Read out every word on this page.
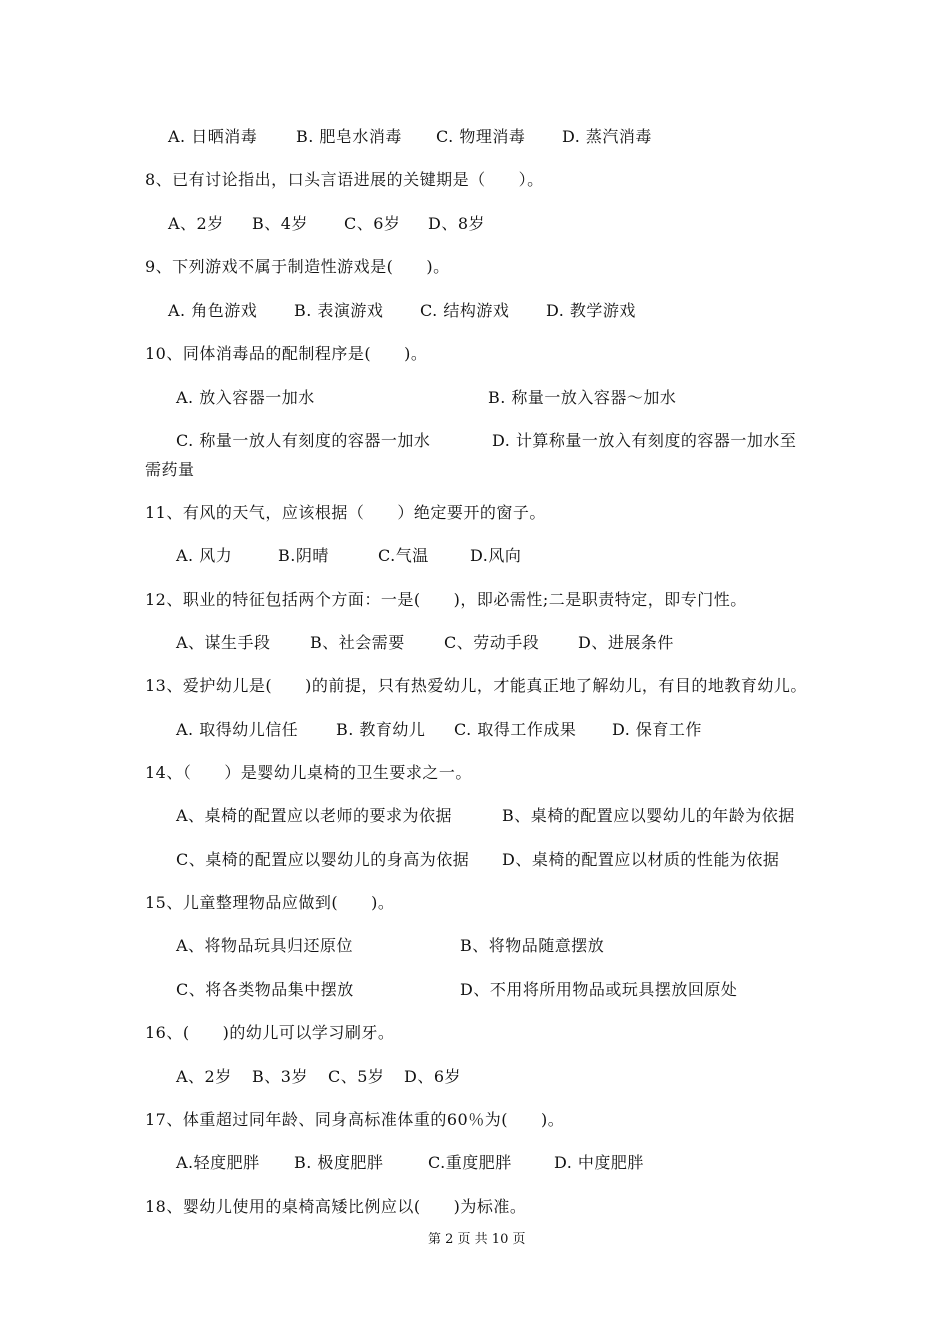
A. 日晒消毒 B. 肥皂水消毒 C. 物理消毒 D. 蒸汽消毒
8、已有讨论指出，口头言语进展的关键期是（　　）。
A、2岁 B、4岁 C、6岁 D、8岁
9、下列游戏不属于制造性游戏是(　　)。
A. 角色游戏 B. 表演游戏 C. 结构游戏 D. 教学游戏
10、同体消毒品的配制程序是(　　)。
A. 放入容器一加水	B. 称量一放入容器～加水
C. 称量一放人有刻度的容器一加水	D. 计算称量一放入有刻度的容器一加水至
需药量
11、有风的天气，应该根据（　　）绝定要开的窗子。
A. 风力	B.阴晴	C.气温	D.风向
12、职业的特征包括两个方面：一是(　　)，即必需性;二是职责特定，即专门性。
A、谋生手段 B、社会需要 C、劳动手段 D、进展条件
13、爱护幼儿是(　　)的前提，只有热爱幼儿，才能真正地了解幼儿，有目的地教育幼儿。
A. 取得幼儿信任 B. 教育幼儿 C. 取得工作成果 D. 保育工作
14、（　　）是婴幼儿桌椅的卫生要求之一。
A、桌椅的配置应以老师的要求为依据	B、桌椅的配置应以婴幼儿的年龄为依据
C、桌椅的配置应以婴幼儿的身高为依据 D、桌椅的配置应以材质的性能为依据
15、儿童整理物品应做到(　　)。
A、将物品玩具归还原位	B、将物品随意摆放
C、将各类物品集中摆放	D、不用将所用物品或玩具摆放回原处
16、(　　)的幼儿可以学习刷牙。
A、2岁 B、3岁 C、5岁 D、6岁
17、体重超过同年龄、同身高标准体重的60％为(　　)。
A.轻度肥胖 B. 极度肥胖	C.重度肥胖	D. 中度肥胖
18、婴幼儿使用的桌椅高矮比例应以(　　)为标准。
第 2 页 共 10 页
